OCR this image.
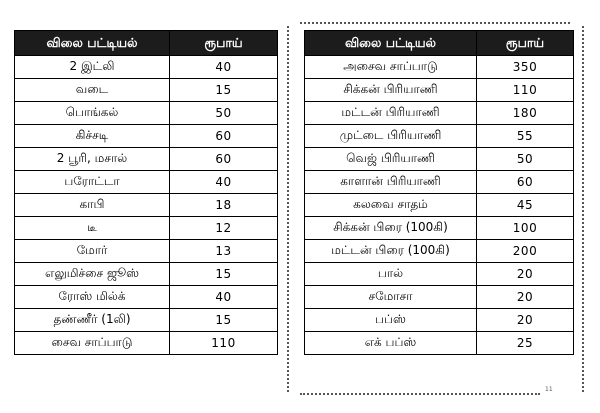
விலை பட்டியல்	ரூபாய்
2 இட்லி	40
வடை	15
பொங்கல்	50
கிச்சடி	60
2 பூரி, மசால்	60
பரோட்டா	40
காபி	18
டீ	12
மோர்	13
எலுமிச்சை ஜூஸ்	15
ரோஸ் மில்க்	40
தண்ணீர் (1லி)	15
சைவ சாப்பாடு	110
விலை பட்டியல்	ரூபாய்
அசைவ சாப்பாடு	350
சிக்கன் பிரியாணி	110
மட்டன் பிரியாணி	180
முட்டை பிரியாணி	55
வெஜ் பிரியாணி	50
காளான் பிரியாணி	60
கலவை சாதம்	45
சிக்கன் பிரை (100கி)	100
மட்டன் பிரை (100கி)	200
பால்	20
சமோசா	20
பப்ஸ்	20
எக் பப்ஸ்	25
11
